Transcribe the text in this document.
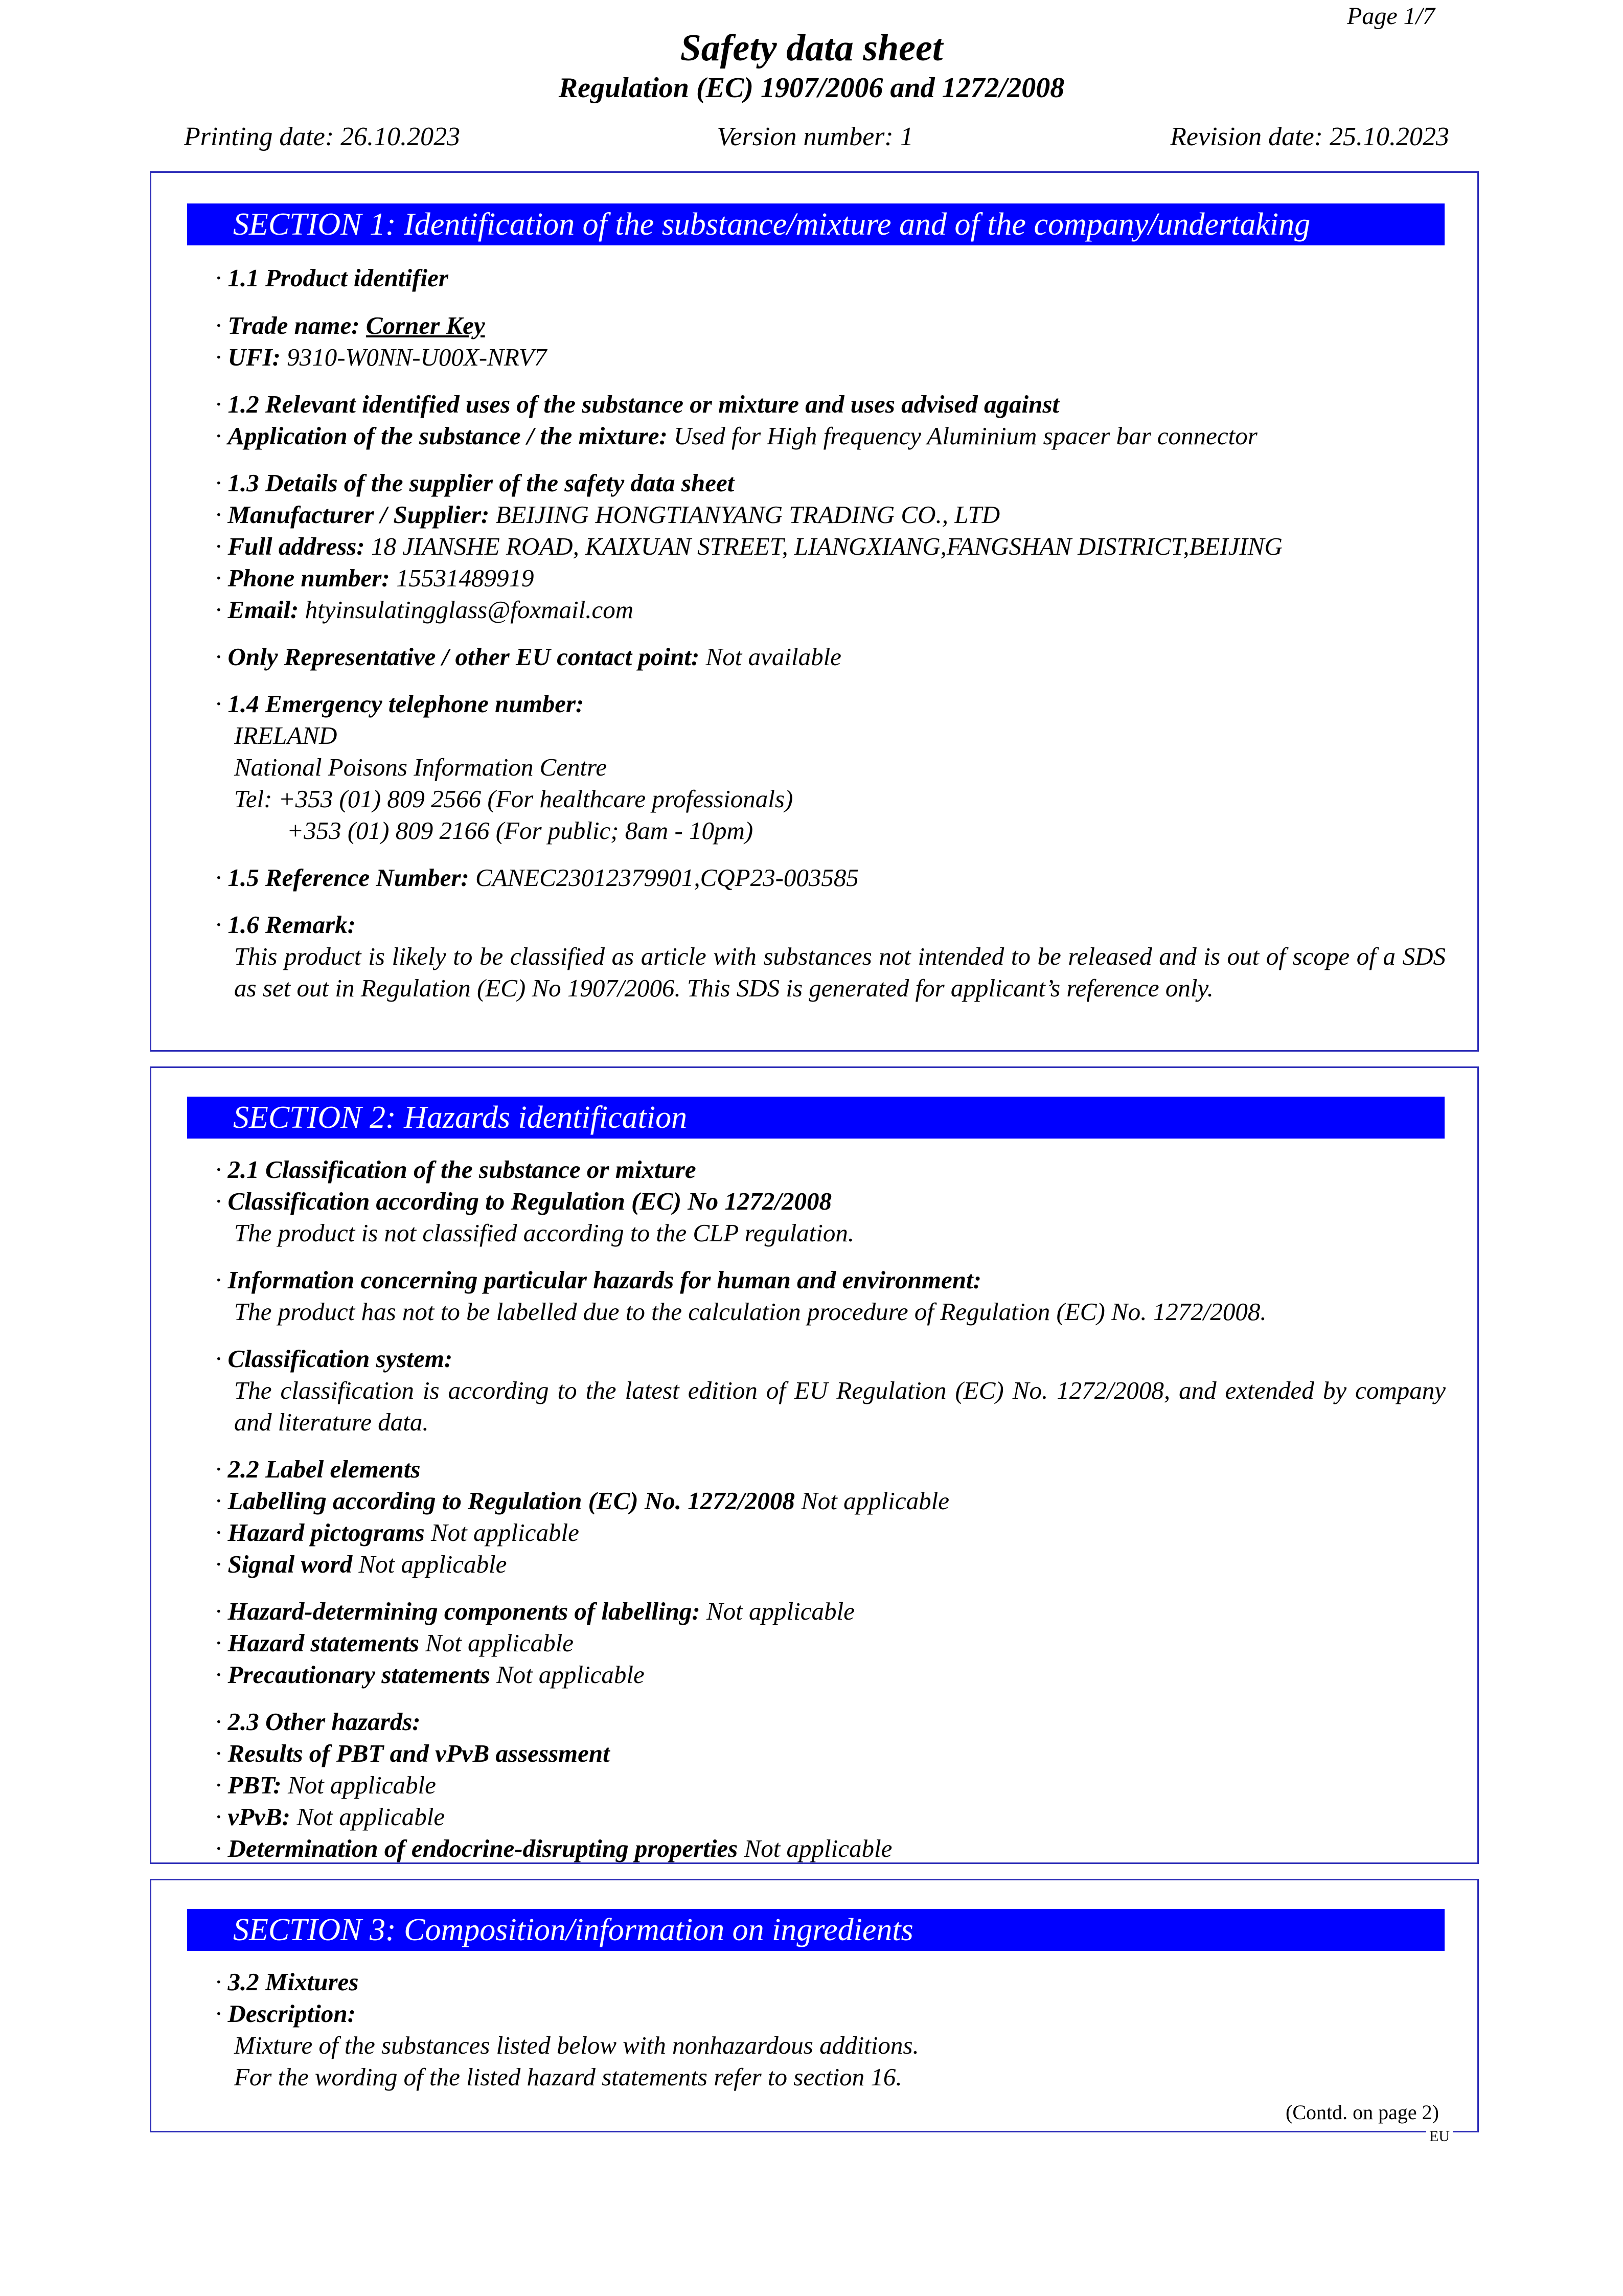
Page 1/7
Safety data sheet
Regulation (EC) 1907/2006 and 1272/2008
Printing date: 26.10.2023	Version number: 1	Revision date: 25.10.2023
SECTION 1: Identification of the substance/mixture and of the company/undertaking
· 1.1 Product identifier
· Trade name: Corner Key
· UFI: 9310-W0NN-U00X-NRV7
· 1.2 Relevant identified uses of the substance or mixture and uses advised against
· Application of the substance / the mixture: Used for High frequency Aluminium spacer bar connector
· 1.3 Details of the supplier of the safety data sheet
· Manufacturer / Supplier: BEIJING HONGTIANYANG TRADING CO., LTD
· Full address: 18 JIANSHE ROAD, KAIXUAN STREET, LIANGXIANG,FANGSHAN DISTRICT,BEIJING
· Phone number: 15531489919
· Email: htyinsulatingglass@foxmail.com
· Only Representative / other EU contact point: Not available
· 1.4 Emergency telephone number:
IRELAND
National Poisons Information Centre
Tel: +353 (01) 809 2566 (For healthcare professionals)
+353 (01) 809 2166 (For public; 8am - 10pm)
· 1.5 Reference Number: CANEC23012379901,CQP23-003585
· 1.6 Remark:
This product is likely to be classified as article with substances not intended to be released and is out of scope of a SDS as set out in Regulation (EC) No 1907/2006. This SDS is generated for applicant’s reference only.
SECTION 2: Hazards identification
· 2.1 Classification of the substance or mixture
· Classification according to Regulation (EC) No 1272/2008
The product is not classified according to the CLP regulation.
· Information concerning particular hazards for human and environment:
The product has not to be labelled due to the calculation procedure of Regulation (EC) No. 1272/2008.
· Classification system:
The classification is according to the latest edition of EU Regulation (EC) No. 1272/2008, and extended by company and literature data.
· 2.2 Label elements
· Labelling according to Regulation (EC) No. 1272/2008 Not applicable
· Hazard pictograms Not applicable
· Signal word Not applicable
· Hazard-determining components of labelling: Not applicable
· Hazard statements Not applicable
· Precautionary statements Not applicable
· 2.3 Other hazards:
· Results of PBT and vPvB assessment
· PBT: Not applicable
· vPvB: Not applicable
· Determination of endocrine-disrupting properties Not applicable
SECTION 3: Composition/information on ingredients
· 3.2 Mixtures
· Description:
Mixture of the substances listed below with nonhazardous additions.
For the wording of the listed hazard statements refer to section 16.
(Contd. on page 2)
EU
